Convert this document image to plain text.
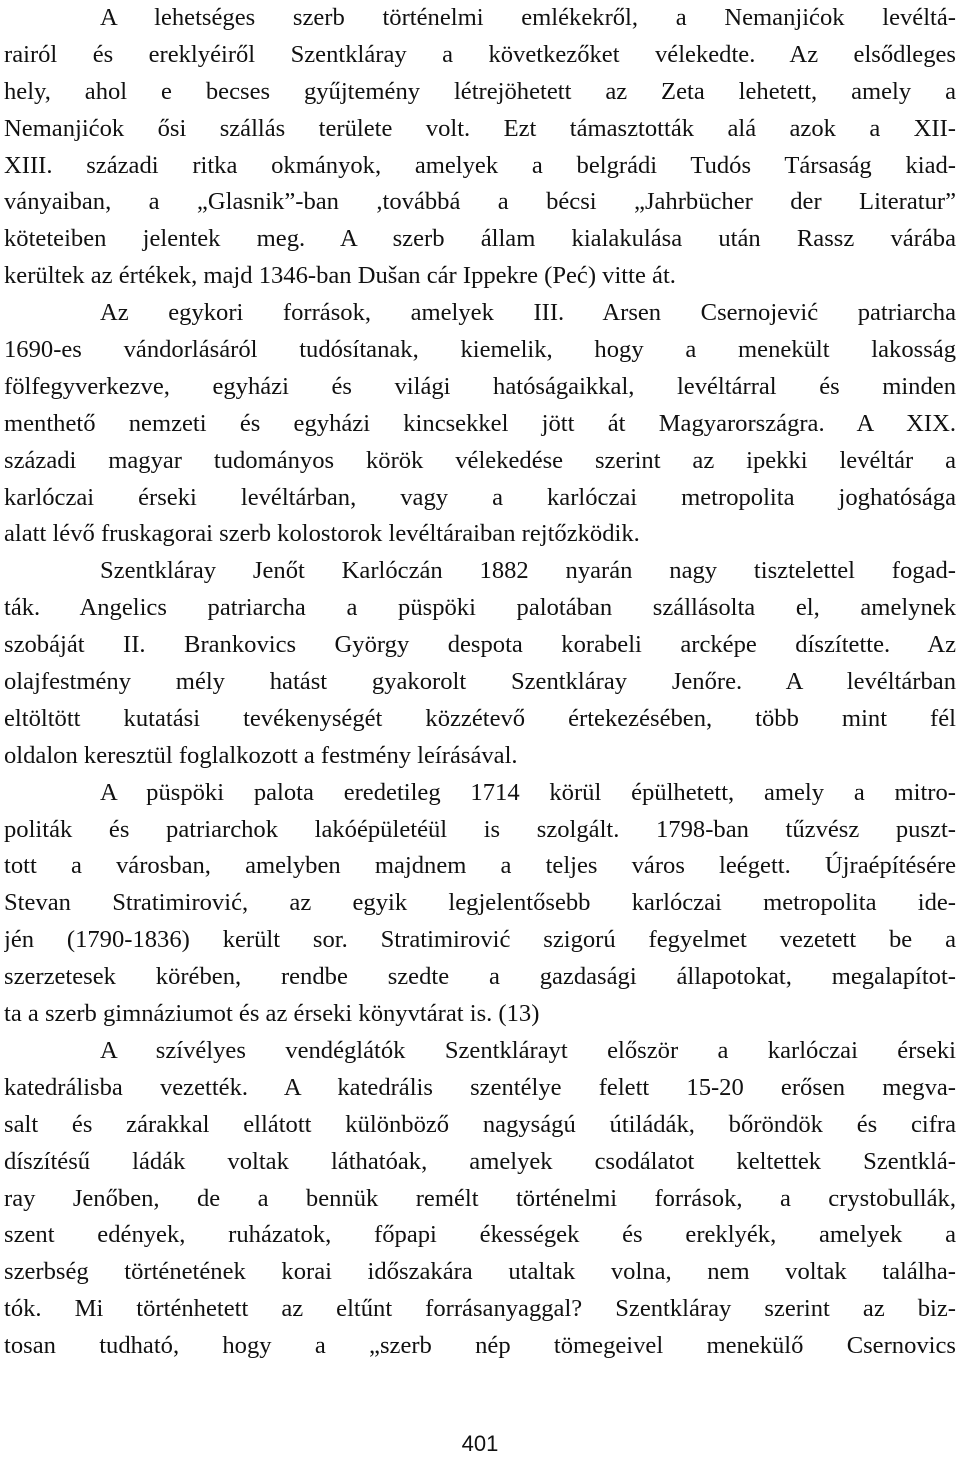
A lehetséges szerb történelmi emlékekről, a Nemanjićok levéltá-
rairól és ereklyéiről Szentkláray a következőket vélekedte. Az elsődleges
hely, ahol e becses gyűjtemény létrejöhetett az Zeta lehetett, amely a
Nemanjićok ősi szállás területe volt. Ezt támasztották alá azok a XII-
XIII. századi ritka okmányok, amelyek a belgrádi Tudós Társaság kiad-
ványaiban, a „Glasnik”-ban ,továbbá a bécsi „Jahrbücher der Literatur”
köteteiben jelentek meg. A szerb állam kialakulása után Rassz várába
kerültek az értékek, majd 1346-ban Dušan cár Ippekre (Peć) vitte át.
Az egykori források, amelyek III. Arsen Csernojević patriarcha
1690-es vándorlásáról tudósítanak, kiemelik, hogy a menekült lakosság
fölfegyverkezve, egyházi és világi hatóságaikkal, levéltárral és minden
menthető nemzeti és egyházi kincsekkel jött át Magyarországra. A XIX.
századi magyar tudományos körök vélekedése szerint az ipekki levéltár a
karlóczai érseki levéltárban, vagy a karlóczai metropolita joghatósága
alatt lévő fruskagorai szerb kolostorok levéltáraiban rejtőzködik.
Szentkláray Jenőt Karlóczán 1882 nyarán nagy tisztelettel fogad-
ták. Angelics patriarcha a püspöki palotában szállásolta el, amelynek
szobáját II. Brankovics György despota korabeli arcképe díszítette. Az
olajfestmény mély hatást gyakorolt Szentkláray Jenőre. A levéltárban
eltöltött kutatási tevékenységét közzétevő értekezésében, több mint fél
oldalon keresztül foglalkozott a festmény leírásával.
A püspöki palota eredetileg 1714 körül épülhetett, amely a mitro-
politák és patriarchok lakóépületéül is szolgált. 1798-ban tűzvész puszt-
tott a városban, amelyben majdnem a teljes város leégett. Újraépítésére
Stevan Stratimirović, az egyik legjelentősebb karlóczai metropolita ide-
jén (1790-1836) került sor. Stratimirović szigorú fegyelmet vezetett be a
szerzetesek körében, rendbe szedte a gazdasági állapotokat, megalapítot-
ta a szerb gimnáziumot és az érseki könyvtárat is. (13)
A szívélyes vendéglátók Szentklárayt először a karlóczai érseki
katedrálisba vezették. A katedrális szentélye felett 15-20 erősen megva-
salt és zárakkal ellátott különböző nagyságú útiládák, bőröndök és cifra
díszítésű ládák voltak láthatóak, amelyek csodálatot keltettek Szentklá-
ray Jenőben, de a bennük remélt történelmi források, a crystobullák,
szent edények, ruházatok, főpapi ékességek és ereklyék, amelyek a
szerbség történetének korai időszakára utaltak volna, nem voltak találha-
tók. Mi történhetett az eltűnt forrásanyaggal? Szentkláray szerint az biz-
tosan tudható, hogy a „szerb nép tömegeivel menekülő Csernovics
401
